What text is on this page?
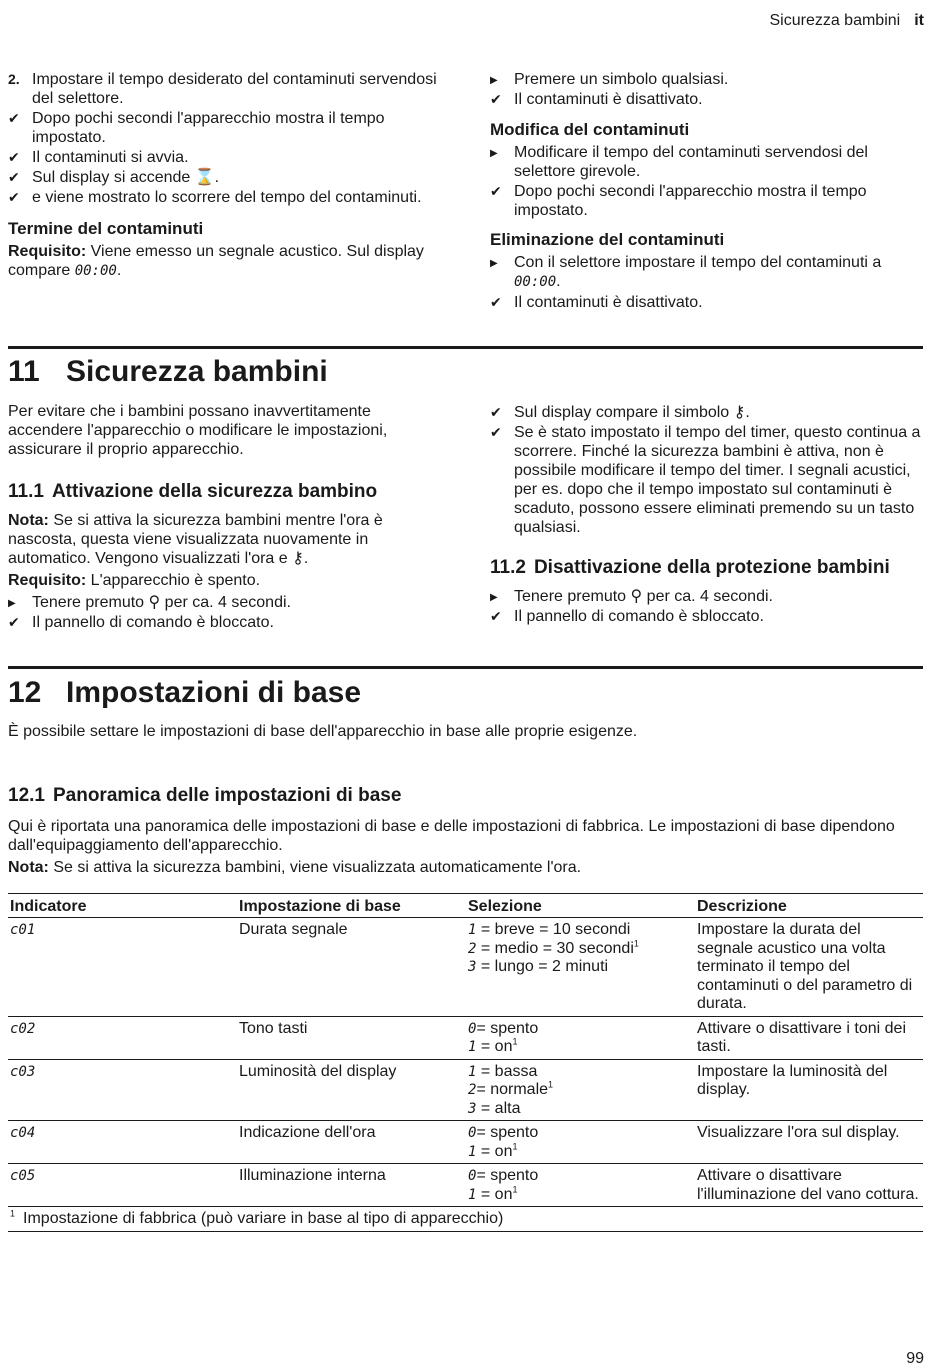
Sicurezza bambini it
2. Impostare il tempo desiderato del contaminuti servendosi del selettore.
✔ Dopo pochi secondi l'apparecchio mostra il tempo impostato.
✔ Il contaminuti si avvia.
✔ Sul display si accende ⌛.
✔ e viene mostrato lo scorrere del tempo del contaminuti.
Termine del contaminuti
Requisito: Viene emesso un segnale acustico. Sul display compare 00:00.
▶	Premere un simbolo qualsiasi.
✔ Il contaminuti è disattivato.
Modifica del contaminuti
▶	Modificare il tempo del contaminuti servendosi del selettore girevole.
✔ Dopo pochi secondi l'apparecchio mostra il tempo impostato.
Eliminazione del contaminuti
▶	Con il selettore impostare il tempo del contaminuti a 00:00.
✔ Il contaminuti è disattivato.
11 Sicurezza bambini
Per evitare che i bambini possano inavvertitamente accendere l'apparecchio o modificare le impostazioni, assicurare il proprio apparecchio.
11.1 Attivazione della sicurezza bambino
Nota: Se si attiva la sicurezza bambini mentre l'ora è nascosta, questa viene visualizzata nuovamente in automatico. Vengono visualizzati l'ora e ⚷.
Requisito: L'apparecchio è spento.
▶	Tenere premuto ⚲ per ca. 4 secondi.
✔ Il pannello di comando è bloccato.
✔ Sul display compare il simbolo ⚷.
✔ Se è stato impostato il tempo del timer, questo continua a scorrere. Finché la sicurezza bambini è attiva, non è possibile modificare il tempo del timer. I segnali acustici, per es. dopo che il tempo impostato sul contaminuti è scaduto, possono essere eliminati premendo su un tasto qualsiasi.
11.2 Disattivazione della protezione bambini
▶	Tenere premuto ⚲ per ca. 4 secondi.
✔ Il pannello di comando è sbloccato.
12 Impostazioni di base
È possibile settare le impostazioni di base dell'apparecchio in base alle proprie esigenze.
12.1 Panoramica delle impostazioni di base
Qui è riportata una panoramica delle impostazioni di base e delle impostazioni di fabbrica. Le impostazioni di base dipendono dall'equipaggiamento dell'apparecchio.
Nota: Se si attiva la sicurezza bambini, viene visualizzata automaticamente l'ora.
Indicatore	Impostazione di base	Selezione	Descrizione
c01	Durata segnale	1 = breve = 10 secondi
2 = medio = 30 secondi$^1$
3 = lungo = 2 minuti	Impostare la durata del segnale acustico una volta terminato il tempo del contaminuti o del parametro di durata.
c02	Tono tasti	0= spento
$1 = on^1$	Attivare o disattivare i toni dei tasti.
c03	Luminosità del display	1 = bassa
2= normale$^1$
3 = alta	Impostare la luminosità del display.
c04	Indicazione dell'ora	0= spento
$1 = on^1$	Visualizzare l'ora sul display.
c05	Illuminazione interna	0= spento
$1 = on^1$	Attivare o disattivare l'illuminazione del vano cottura.
$^1$ Impostazione di fabbrica (può variare in base al tipo di apparecchio)			
99
